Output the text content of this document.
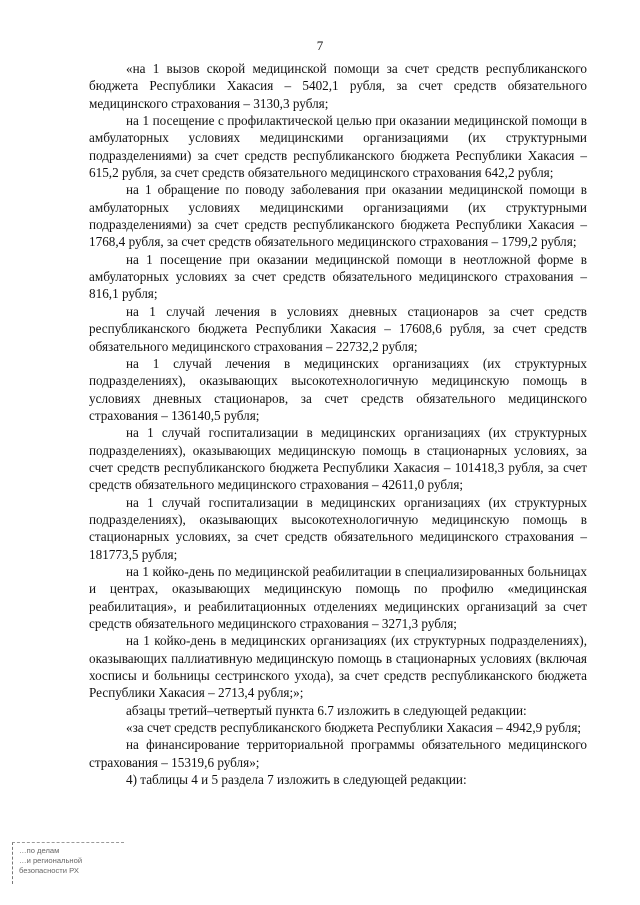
7

«на 1 вызов скорой медицинской помощи за счет средств республиканского бюджета Республики Хакасия – 5402,1 рубля, за счет средств обязательного медицинского страхования – 3130,3 рубля;

на 1 посещение с профилактической целью при оказании медицинской помощи в амбулаторных условиях медицинскими организациями (их структурными подразделениями) за счет средств республиканского бюджета Республики Хакасия – 615,2 рубля, за счет средств обязательного медицинского страхования 642,2 рубля;

на 1 обращение по поводу заболевания при оказании медицинской помощи в амбулаторных условиях медицинскими организациями (их структурными подразделениями) за счет средств республиканского бюджета Республики Хакасия – 1768,4 рубля, за счет средств обязательного медицинского страхования – 1799,2 рубля;

на 1 посещение при оказании медицинской помощи в неотложной форме в амбулаторных условиях за счет средств обязательного медицинского страхования – 816,1 рубля;

на 1 случай лечения в условиях дневных стационаров за счет средств республиканского бюджета Республики Хакасия – 17608,6 рубля, за счет средств обязательного медицинского страхования – 22732,2 рубля;

на 1 случай лечения в медицинских организациях (их структурных подразделениях), оказывающих высокотехнологичную медицинскую помощь в условиях дневных стационаров, за счет средств обязательного медицинского страхования – 136140,5 рубля;

на 1 случай госпитализации в медицинских организациях (их структурных подразделениях), оказывающих медицинскую помощь в стационарных условиях, за счет средств республиканского бюджета Республики Хакасия – 101418,3 рубля, за счет средств обязательного медицинского страхования – 42611,0 рубля;

на 1 случай госпитализации в медицинских организациях (их структурных подразделениях), оказывающих высокотехнологичную медицинскую помощь в стационарных условиях, за счет средств обязательного медицинского страхования – 181773,5 рубля;

на 1 койко-день по медицинской реабилитации в специализированных больницах и центрах, оказывающих медицинскую помощь по профилю «медицинская реабилитация», и реабилитационных отделениях медицинских организаций за счет средств обязательного медицинского страхования – 3271,3 рубля;

на 1 койко-день в медицинских организациях (их структурных подразделениях), оказывающих паллиативную медицинскую помощь в стационарных условиях (включая хосписы и больницы сестринского ухода), за счет средств республиканского бюджета Республики Хакасия – 2713,4 рубля;»;

абзацы третий–четвертый пункта 6.7 изложить в следующей редакции:

«за счет средств республиканского бюджета Республики Хакасия – 4942,9 рубля;

на финансирование территориальной программы обязательного медицинского страхования – 15319,6 рубля»;

4) таблицы 4 и 5 раздела 7 изложить в следующей редакции:

…по делам
…и региональной
безопасности РХ
